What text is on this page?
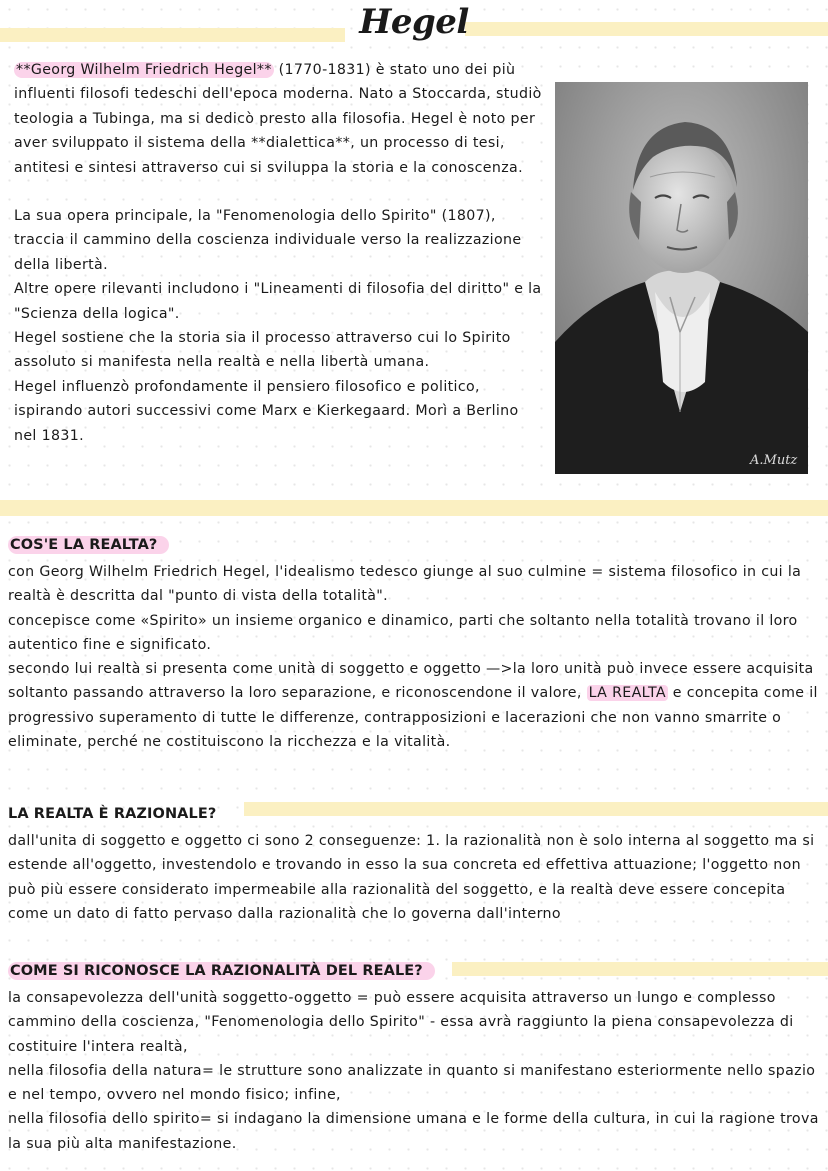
Hegel

**Georg Wilhelm Friedrich Hegel** (1770-1831) è stato uno dei più influenti filosofi tedeschi dell'epoca moderna. Nato a Stoccarda, studiò teologia a Tubinga, ma si dedicò presto alla filosofia. Hegel è noto per aver sviluppato il sistema della **dialettica**, un processo di tesi, antitesi e sintesi attraverso cui si sviluppa la storia e la conoscenza.

La sua opera principale, la "Fenomenologia dello Spirito" (1807), traccia il cammino della coscienza individuale verso la realizzazione della libertà.

Altre opere rilevanti includono i "Lineamenti di filosofia del diritto" e la "Scienza della logica".

Hegel sostiene che la storia sia il processo attraverso cui lo Spirito assoluto si manifesta nella realtà e nella libertà umana.

Hegel influenzò profondamente il pensiero filosofico e politico, ispirando autori successivi come Marx e Kierkegaard. Morì a Berlino nel 1831.

A.Mutz
COS'E LA REALTA?

con Georg Wilhelm Friedrich Hegel, l'idealismo tedesco giunge al suo culmine = sistema filosofico in cui la realtà è descritta dal "punto di vista della totalità".

concepisce come «Spirito» un insieme organico e dinamico, parti che soltanto nella totalità trovano il loro autentico fine e significato.

secondo lui realtà si presenta come unità di soggetto e oggetto —>la loro unità può invece essere acquisita soltanto passando attraverso la loro separazione, e riconoscendone il valore, LA REALTA e concepita come il progressivo superamento di tutte le differenze, contrapposizioni e lacerazioni che non vanno smarrite o eliminate, perché ne costituiscono la ricchezza e la vitalità.

LA REALTA È RAZIONALE?

dall'unita di soggetto e oggetto ci sono 2 conseguenze: 1. la razionalità non è solo interna al soggetto ma si estende all'oggetto, investendolo e trovando in esso la sua concreta ed effettiva attuazione; l'oggetto non può più essere considerato impermeabile alla razionalità del soggetto, e la realtà deve essere concepita come un dato di fatto pervaso dalla razionalità che lo governa dall'interno

COME SI RICONOSCE LA RAZIONALITÀ DEL REALE?

la consapevolezza dell'unità soggetto-oggetto = può essere acquisita attraverso un lungo e complesso cammino della coscienza, "Fenomenologia dello Spirito" - essa avrà raggiunto la piena consapevolezza di costituire l'intera realtà,

nella filosofia della natura= le strutture sono analizzate in quanto si manifestano esteriormente nello spazio e nel tempo, ovvero nel mondo fisico; infine,

nella filosofia dello spirito= si indagano la dimensione umana e le forme della cultura, in cui la ragione trova la sua più alta manifestazione.
